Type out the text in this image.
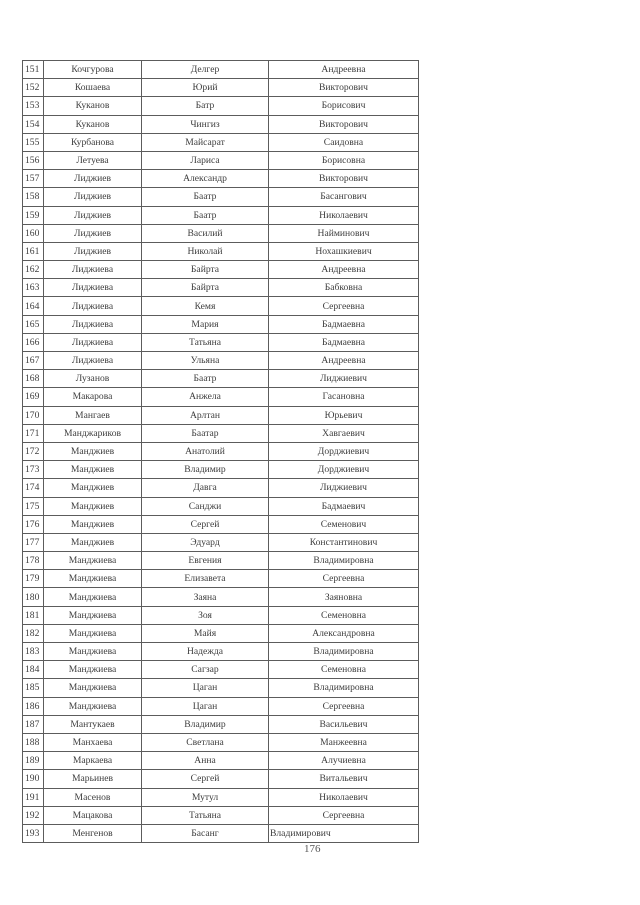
151	Кочгурова	Делгер	Андреевна
152	Кошаева	Юрий	Викторович
153	Куканов	Батр	Борисович
154	Куканов	Чингиз	Викторович
155	Курбанова	Майсарат	Саидовна
156	Летуева	Лариса	Борисовна
157	Лиджиев	Александр	Викторович
158	Лиджиев	Баатр	Басангович
159	Лиджиев	Баатр	Николаевич
160	Лиджиев	Василий	Найминович
161	Лиджиев	Николай	Нохашкиевич
162	Лиджиева	Байрта	Андреевна
163	Лиджиева	Байрта	Бабковна
164	Лиджиева	Кемя	Сергеевна
165	Лиджиева	Мария	Бадмаевна
166	Лиджиева	Татьяна	Бадмаевна
167	Лиджиева	Ульяна	Андреевна
168	Лузанов	Баатр	Лиджиевич
169	Макарова	Анжела	Гасановна
170	Мангаев	Арлтан	Юрьевич
171	Манджариков	Баатар	Хавгаевич
172	Манджиев	Анатолий	Дорджиевич
173	Манджиев	Владимир	Дорджиевич
174	Манджиев	Давга	Лиджиевич
175	Манджиев	Санджи	Бадмаевич
176	Манджиев	Сергей	Семенович
177	Манджиев	Эдуард	Константинович
178	Манджиева	Евгения	Владимировна
179	Манджиева	Елизавета	Сергеевна
180	Манджиева	Заяна	Заяновна
181	Манджиева	Зоя	Семеновна
182	Манджиева	Майя	Александровна
183	Манджиева	Надежда	Владимировна
184	Манджиева	Сагзар	Семеновна
185	Манджиева	Цаган	Владимировна
186	Манджиева	Цаган	Сергеевна
187	Мантукаев	Владимир	Васильевич
188	Манхаева	Светлана	Манжеевна
189	Маркаева	Анна	Алучиевна
190	Марьинев	Сергей	Витальевич
191	Масенов	Мутул	Николаевич
192	Мацакова	Татьяна	Сергеевна
193	Менгенов	Басанг	Владимирович
176
